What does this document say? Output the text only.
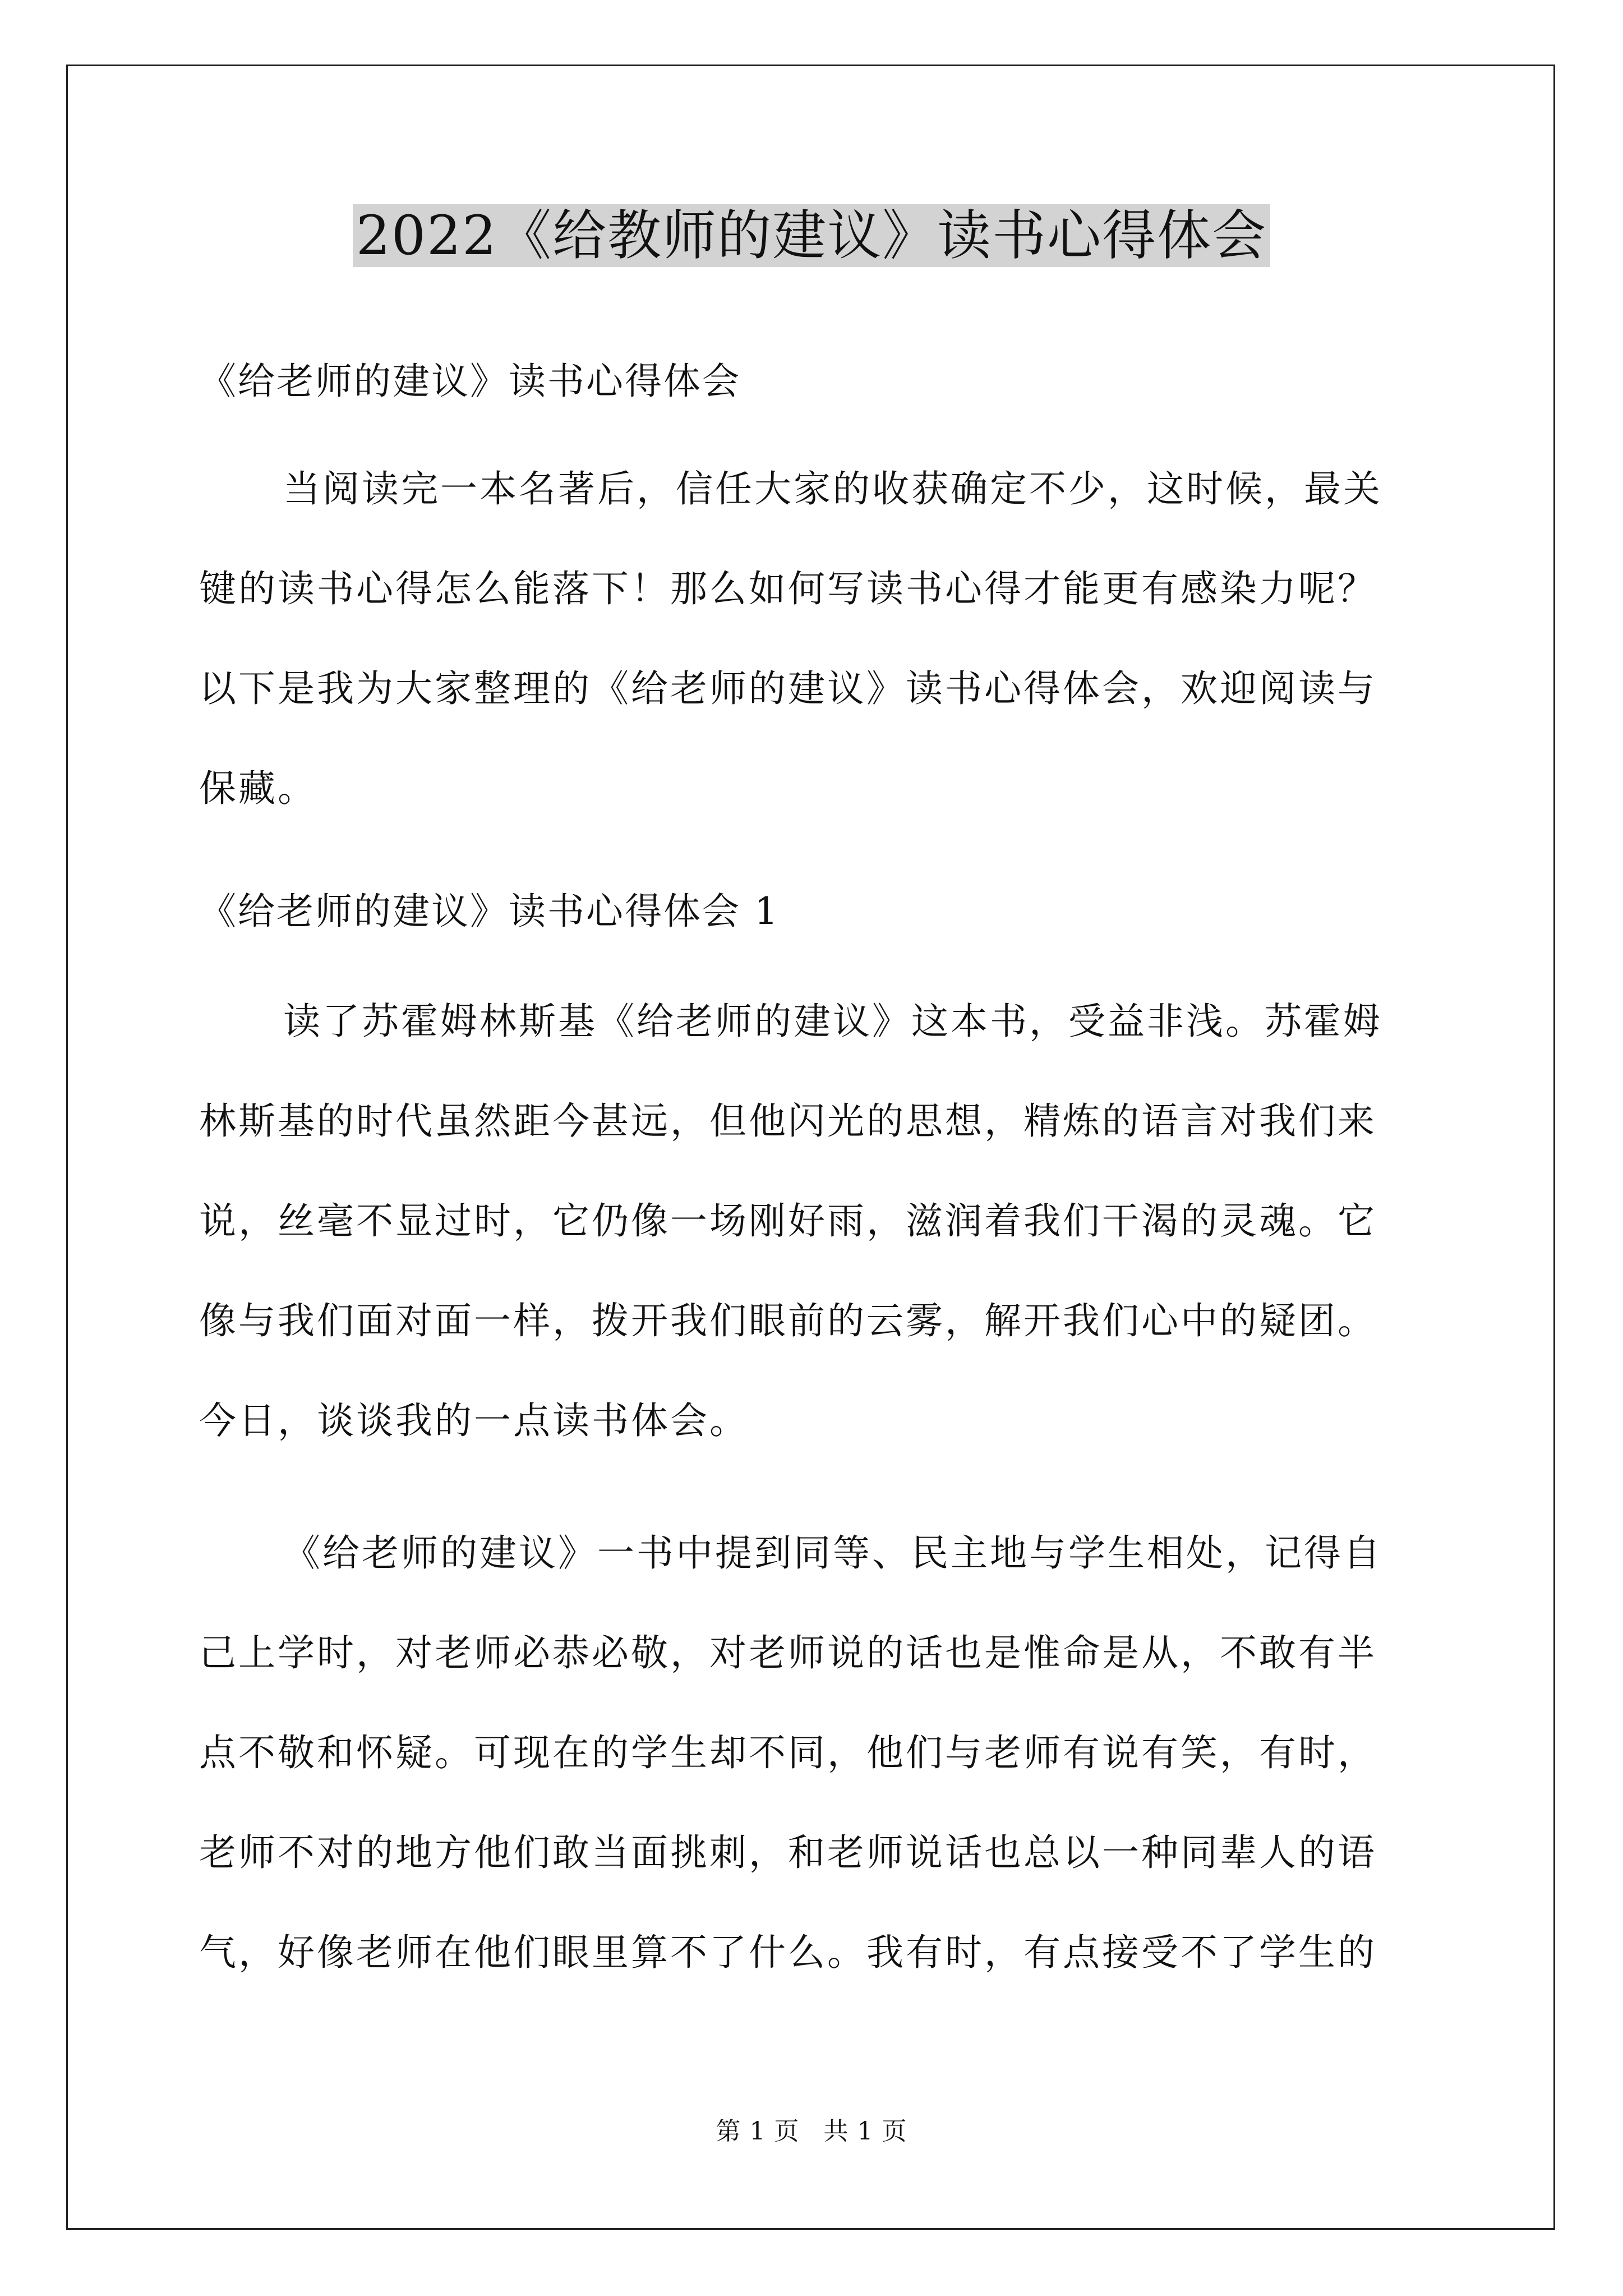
2022《给教师的建议》读书心得体会
《给老师的建议》读书心得体会
当阅读完一本名著后，信任大家的收获确定不少，这时候，最关
键的读书心得怎么能落下！那么如何写读书心得才能更有感染力呢？
以下是我为大家整理的《给老师的建议》读书心得体会，欢迎阅读与
保藏。
《给老师的建议》读书心得体会 1
读了苏霍姆林斯基《给老师的建议》这本书，受益非浅。苏霍姆
林斯基的时代虽然距今甚远，但他闪光的思想，精炼的语言对我们来
说，丝毫不显过时，它仍像一场刚好雨，滋润着我们干渴的灵魂。它
像与我们面对面一样，拨开我们眼前的云雾，解开我们心中的疑团。
今日，谈谈我的一点读书体会。
《给老师的建议》一书中提到同等、民主地与学生相处，记得自
己上学时，对老师必恭必敬，对老师说的话也是惟命是从，不敢有半
点不敬和怀疑。可现在的学生却不同，他们与老师有说有笑，有时，
老师不对的地方他们敢当面挑刺，和老师说话也总以一种同辈人的语
气，好像老师在他们眼里算不了什么。我有时，有点接受不了学生的
第 1 页 共 1 页
